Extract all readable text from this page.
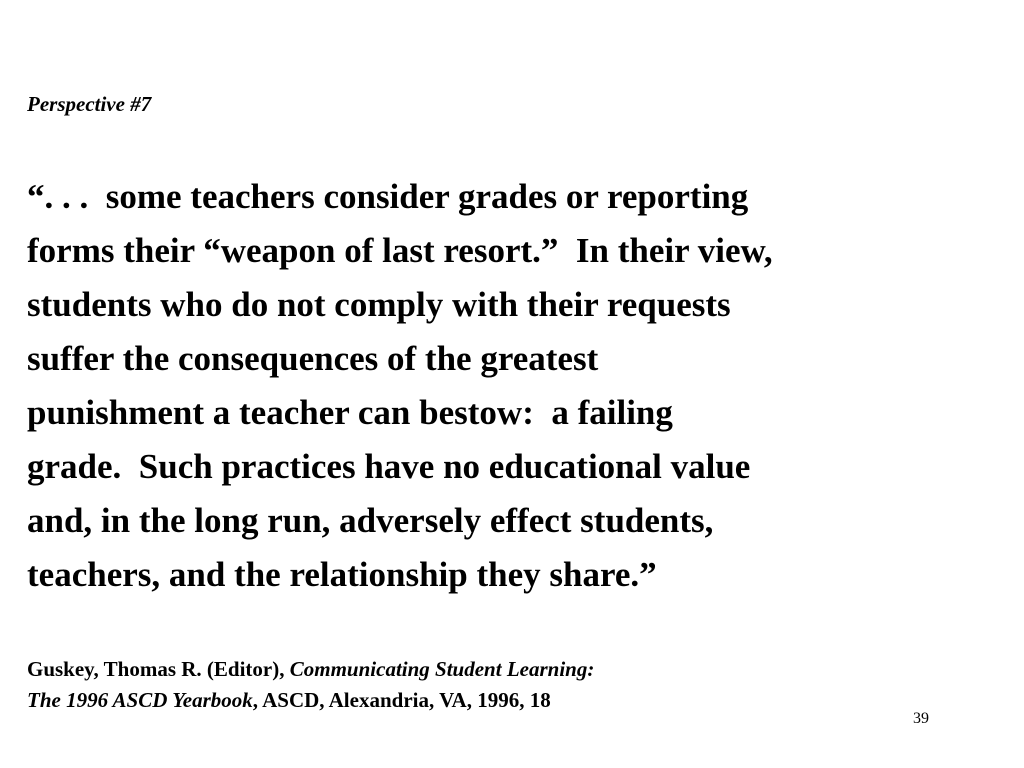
Perspective #7
“. . .  some teachers consider grades or reporting
forms their “weapon of last resort.”  In their view,
students who do not comply with their requests
suffer the consequences of the greatest
punishment a teacher can bestow:  a failing
grade.  Such practices have no educational value
and, in the long run, adversely effect students,
teachers, and the relationship they share.”
Guskey, Thomas R. (Editor), Communicating Student Learning:
The 1996 ASCD Yearbook, ASCD, Alexandria, VA, 1996, 18
39
